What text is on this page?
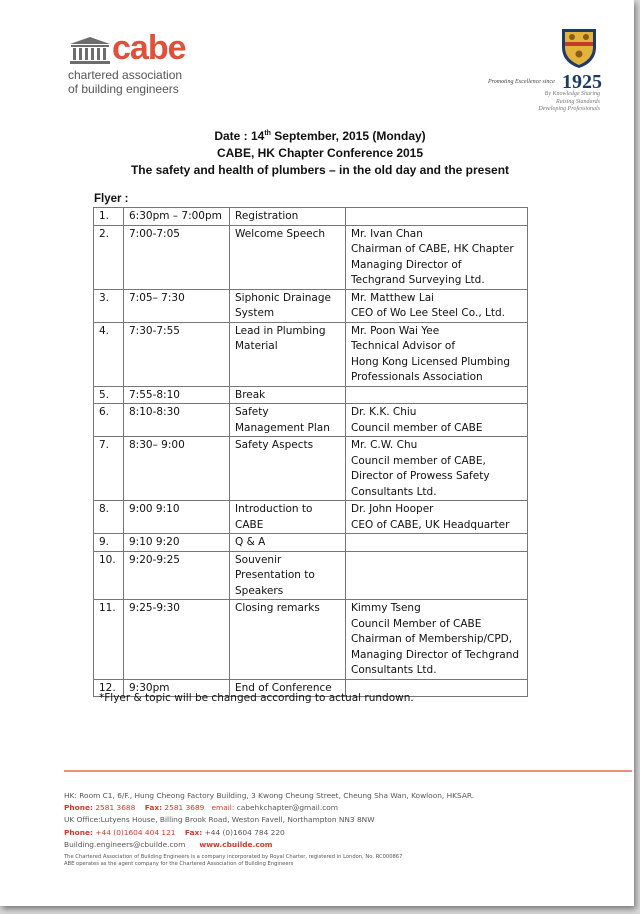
cabe
chartered association
of building engineers	Promoting Excellence since 1925
By Knowledge Sharing
Raising Standards
Developing Professionals
Date : 14th September, 2015 (Monday)
CABE, HK Chapter Conference 2015
The safety and health of plumbers – in the old day and the present
Flyer :
1.	6:30pm – 7:00pm	Registration	
2.	7:00-7:05	Welcome Speech	Mr. Ivan Chan
Chairman of CABE, HK Chapter
Managing Director of
Techgrand Surveying Ltd.

3.	7:05– 7:30	Siphonic Drainage System	Mr. Matthew Lai
CEO of Wo Lee Steel Co., Ltd.

4.	7:30-7:55	Lead in Plumbing Material	Mr. Poon Wai Yee
Technical Advisor of
Hong Kong Licensed Plumbing
Professionals Association

5.	7:55-8:10	Break	
6.	8:10-8:30	Safety Management Plan	Dr. K.K. Chiu
Council member of CABE

7.	8:30– 9:00	Safety Aspects	Mr. C.W. Chu
Council member of CABE,
Director of Prowess Safety
Consultants Ltd.

8.	9:00 9:10	Introduction to CABE	Dr. John Hooper
CEO of CABE, UK Headquarter

9.	9:10 9:20	Q & A	
10.	9:20-9:25	Souvenir Presentation to Speakers	
11.	9:25-9:30	Closing remarks	Kimmy Tseng
Council Member of CABE
Chairman of Membership/CPD,
Managing Director of Techgrand
Consultants Ltd.

12.	9:30pm	End of Conference	
*Flyer & topic will be changed according to actual rundown.
HK: Room C1, 6/F., Hung Cheong Factory Building, 3 Kwong Cheung Street, Cheung Sha Wan, Kowloon, HKSAR.
Phone: 2581 3688 Fax: 2581 3689 email: cabehkchapter@gmail.com
UK Office:Lutyens House, Billing Brook Road, Weston Favell, Northampton NN3 8NW
Phone: +44 (0)1604 404 121 Fax: +44 (0)1604 784 220
Building.engineers@cbuilde.com www.cbuilde.com
The Chartered Association of Building Engineers is a company incorporated by Royal Charter, registered in London, No. RC000867
ABE operates as the agent company for the Chartered Association of Building Engineers
